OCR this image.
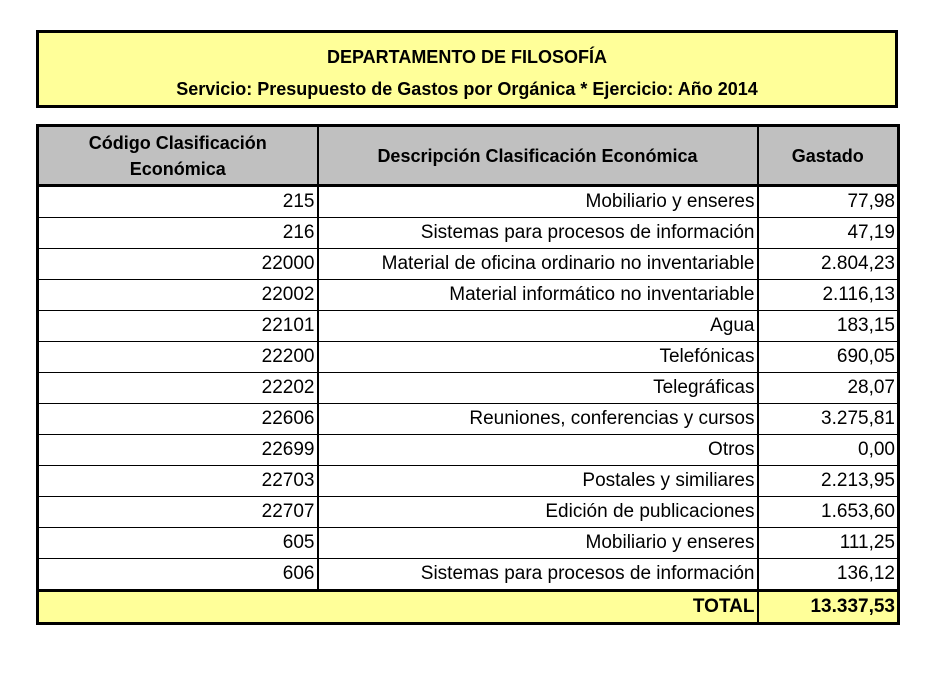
DEPARTAMENTO DE FILOSOFÍA
Servicio: Presupuesto de Gastos por Orgánica * Ejercicio: Año 2014
Código Clasificación Económica	Descripción Clasificación Económica	Gastado
215	Mobiliario y enseres	77,98
216	Sistemas para procesos de información	47,19
22000	Material de oficina ordinario no inventariable	2.804,23
22002	Material informático no inventariable	2.116,13
22101	Agua	183,15
22200	Telefónicas	690,05
22202	Telegráficas	28,07
22606	Reuniones, conferencias y cursos	3.275,81
22699	Otros	0,00
22703	Postales y similiares	2.213,95
22707	Edición de publicaciones	1.653,60
605	Mobiliario y enseres	111,25
606	Sistemas para procesos de información	136,12
TOTAL		13.337,53
